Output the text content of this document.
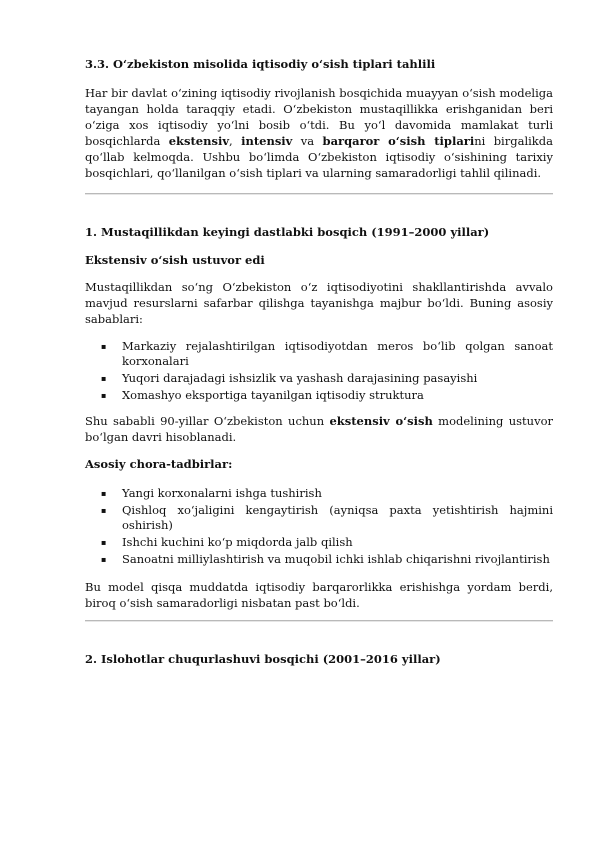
3.3. O‘zbekiston misolida iqtisodiy o‘sish tiplari tahlili

Har bir davlat o‘zining iqtisodiy rivojlanish bosqichida muayyan o‘sish modeliga tayangan holda taraqqiy etadi. O‘zbekiston mustaqillikka erishganidan beri o‘ziga xos iqtisodiy yo‘lni bosib o‘tdi. Bu yo‘l davomida mamlakat turli bosqichlarda ekstensiv, intensiv va barqaror o‘sish tiplarini birgalikda qo‘llab kelmoqda. Ushbu bo‘limda O‘zbekiston iqtisodiy o‘sishining tarixiy bosqichlari, qo‘llanilgan o‘sish tiplari va ularning samaradorligi tahlil qilinadi.

1. Mustaqillikdan keyingi dastlabki bosqich (1991–2000 yillar)
Ekstensiv o‘sish ustuvor edi

Mustaqillikdan so‘ng O‘zbekiston o‘z iqtisodiyotini shakllantirishda avvalo mavjud resurslarni safarbar qilishga tayanishga majbur bo‘ldi. Buning asosiy sabablari:

▪ Markaziy rejalashtirilgan iqtisodiyotdan meros bo‘lib qolgan sanoat korxonalari
▪ Yuqori darajadagi ishsizlik va yashash darajasining pasayishi
▪ Xomashyo eksportiga tayanilgan iqtisodiy struktura

Shu sababli 90-yillar O‘zbekiston uchun ekstensiv o‘sish modelining ustuvor bo‘lgan davri hisoblanadi.

Asosiy chora-tadbirlar:
▪ Yangi korxonalarni ishga tushirish
▪ Qishloq xo‘jaligini kengaytirish (ayniqsa paxta yetishtirish hajmini oshirish)
▪ Ishchi kuchini ko‘p miqdorda jalb qilish
▪ Sanoatni milliylashtirish va muqobil ichki ishlab chiqarishni rivojlantirish

Bu model qisqa muddatda iqtisodiy barqarorlikka erishishga yordam berdi, biroq o‘sish samaradorligi nisbatan past bo‘ldi.

2. Islohotlar chuqurlashuvi bosqichi (2001–2016 yillar)
